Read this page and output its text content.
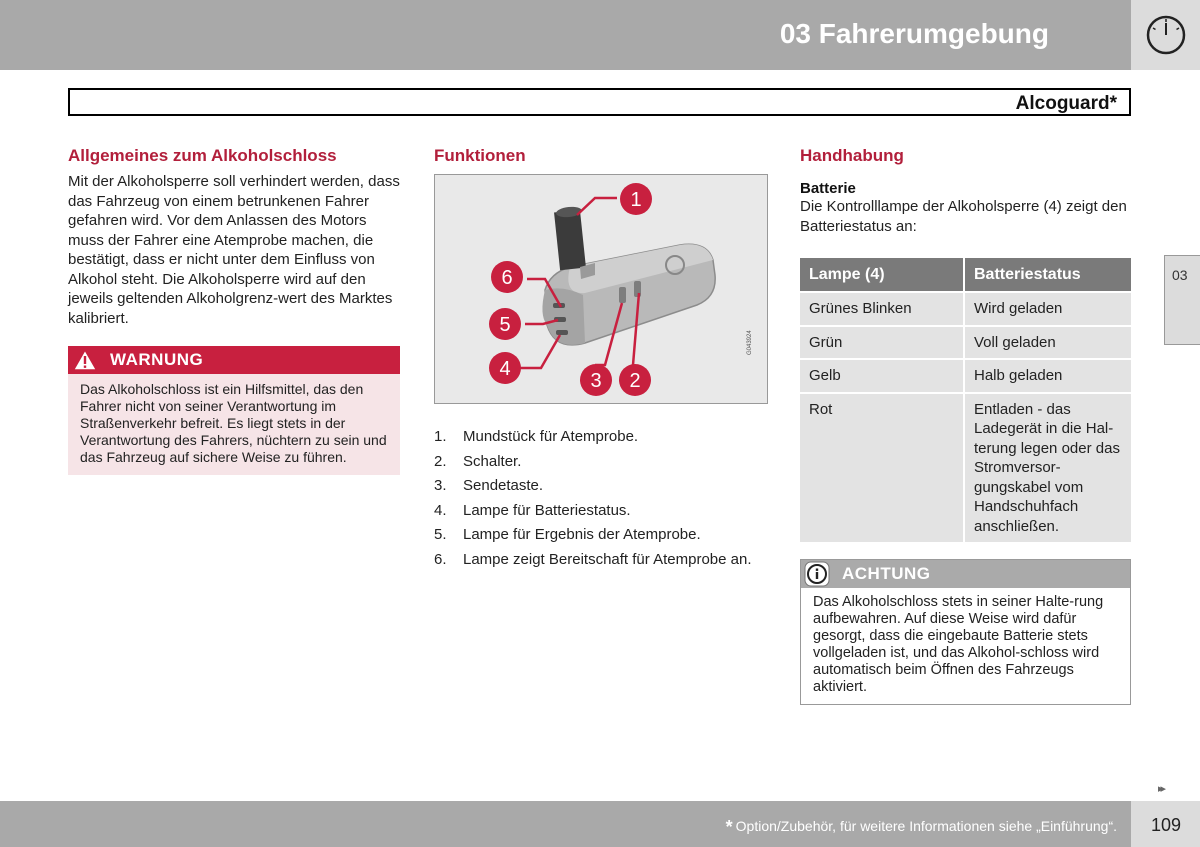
03 Fahrerumgebung
Alcoguard*
03
Allgemeines zum Alkoholschloss
Mit der Alkoholsperre soll verhindert werden, dass das Fahrzeug von einem betrunkenen Fahrer gefahren wird. Vor dem Anlassen des Motors muss der Fahrer eine Atemprobe machen, die bestätigt, dass er nicht unter dem Einfluss von Alkohol steht. Die Alkoholsperre wird auf den jeweils geltenden Alkoholgrenz-wert des Marktes kalibriert.
WARNUNG
Das Alkoholschloss ist ein Hilfsmittel, das den Fahrer nicht von seiner Verantwortung im Straßenverkehr befreit. Es liegt stets in der Verantwortung des Fahrers, nüchtern zu sein und das Fahrzeug auf sichere Weise zu führen.
Funktionen
1
6
5
4
3 2
G043924
1.	Mundstück für Atemprobe.
2.	Schalter.
3.	Sendetaste.
4.	Lampe für Batteriestatus.
5.	Lampe für Ergebnis der Atemprobe.
6.	Lampe zeigt Bereitschaft für Atemprobe an.
Handhabung
Batterie
Die Kontrolllampe der Alkoholsperre (4) zeigt den Batteriestatus an:
Lampe (4)	Batteriestatus
Grünes Blinken	Wird geladen
Grün	Voll geladen
Gelb	Halb geladen
Rot	Entladen - das Ladegerät in die Hal-terung legen oder das Stromversor-gungskabel vom Handschuhfach anschließen.
ACHTUNG
Das Alkoholschloss stets in seiner Halte-rung aufbewahren. Auf diese Weise wird dafür gesorgt, dass die eingebaute Batterie stets vollgeladen ist, und das Alkohol-schloss wird automatisch beim Öffnen des Fahrzeugs aktiviert.
▸▸
* Option/Zubehör, für weitere Informationen siehe „Einführung“. 109
